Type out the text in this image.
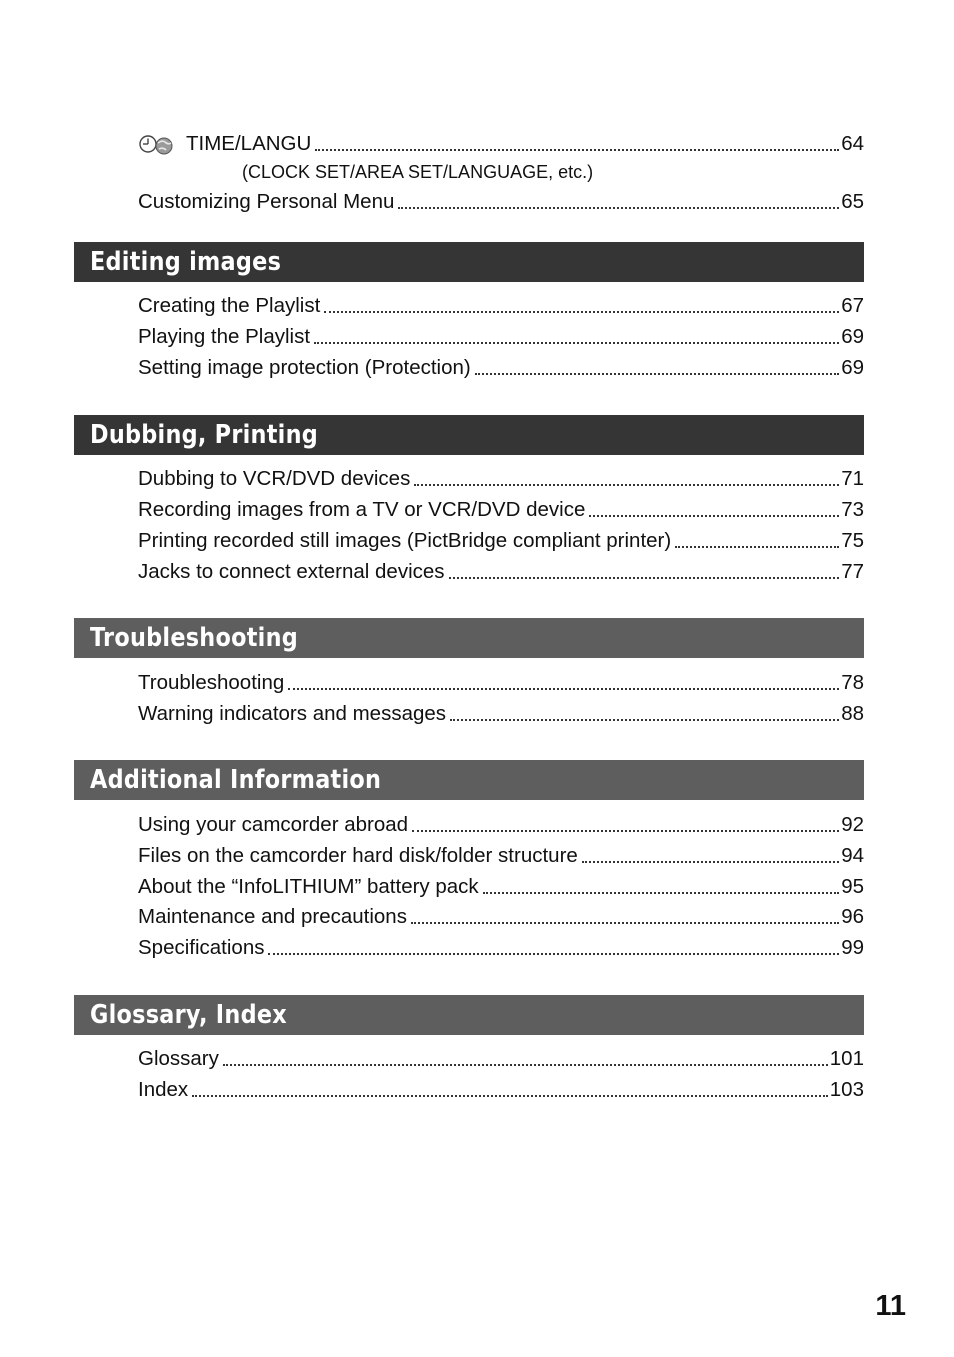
TIME/LANGU	64
(CLOCK SET/AREA SET/LANGUAGE, etc.)
Customizing Personal Menu	65
Editing images
Creating the Playlist	67
Playing the Playlist	69
Setting image protection (Protection)	69
Dubbing, Printing
Dubbing to VCR/DVD devices	71
Recording images from a TV or VCR/DVD device	73
Printing recorded still images (PictBridge compliant printer)	75
Jacks to connect external devices	77
Troubleshooting
Troubleshooting	78
Warning indicators and messages	88
Additional Information
Using your camcorder abroad	92
Files on the camcorder hard disk/folder structure	94
About the “InfoLITHIUM” battery pack	95
Maintenance and precautions	96
Specifications	99
Glossary, Index
Glossary	101
Index	103
11
